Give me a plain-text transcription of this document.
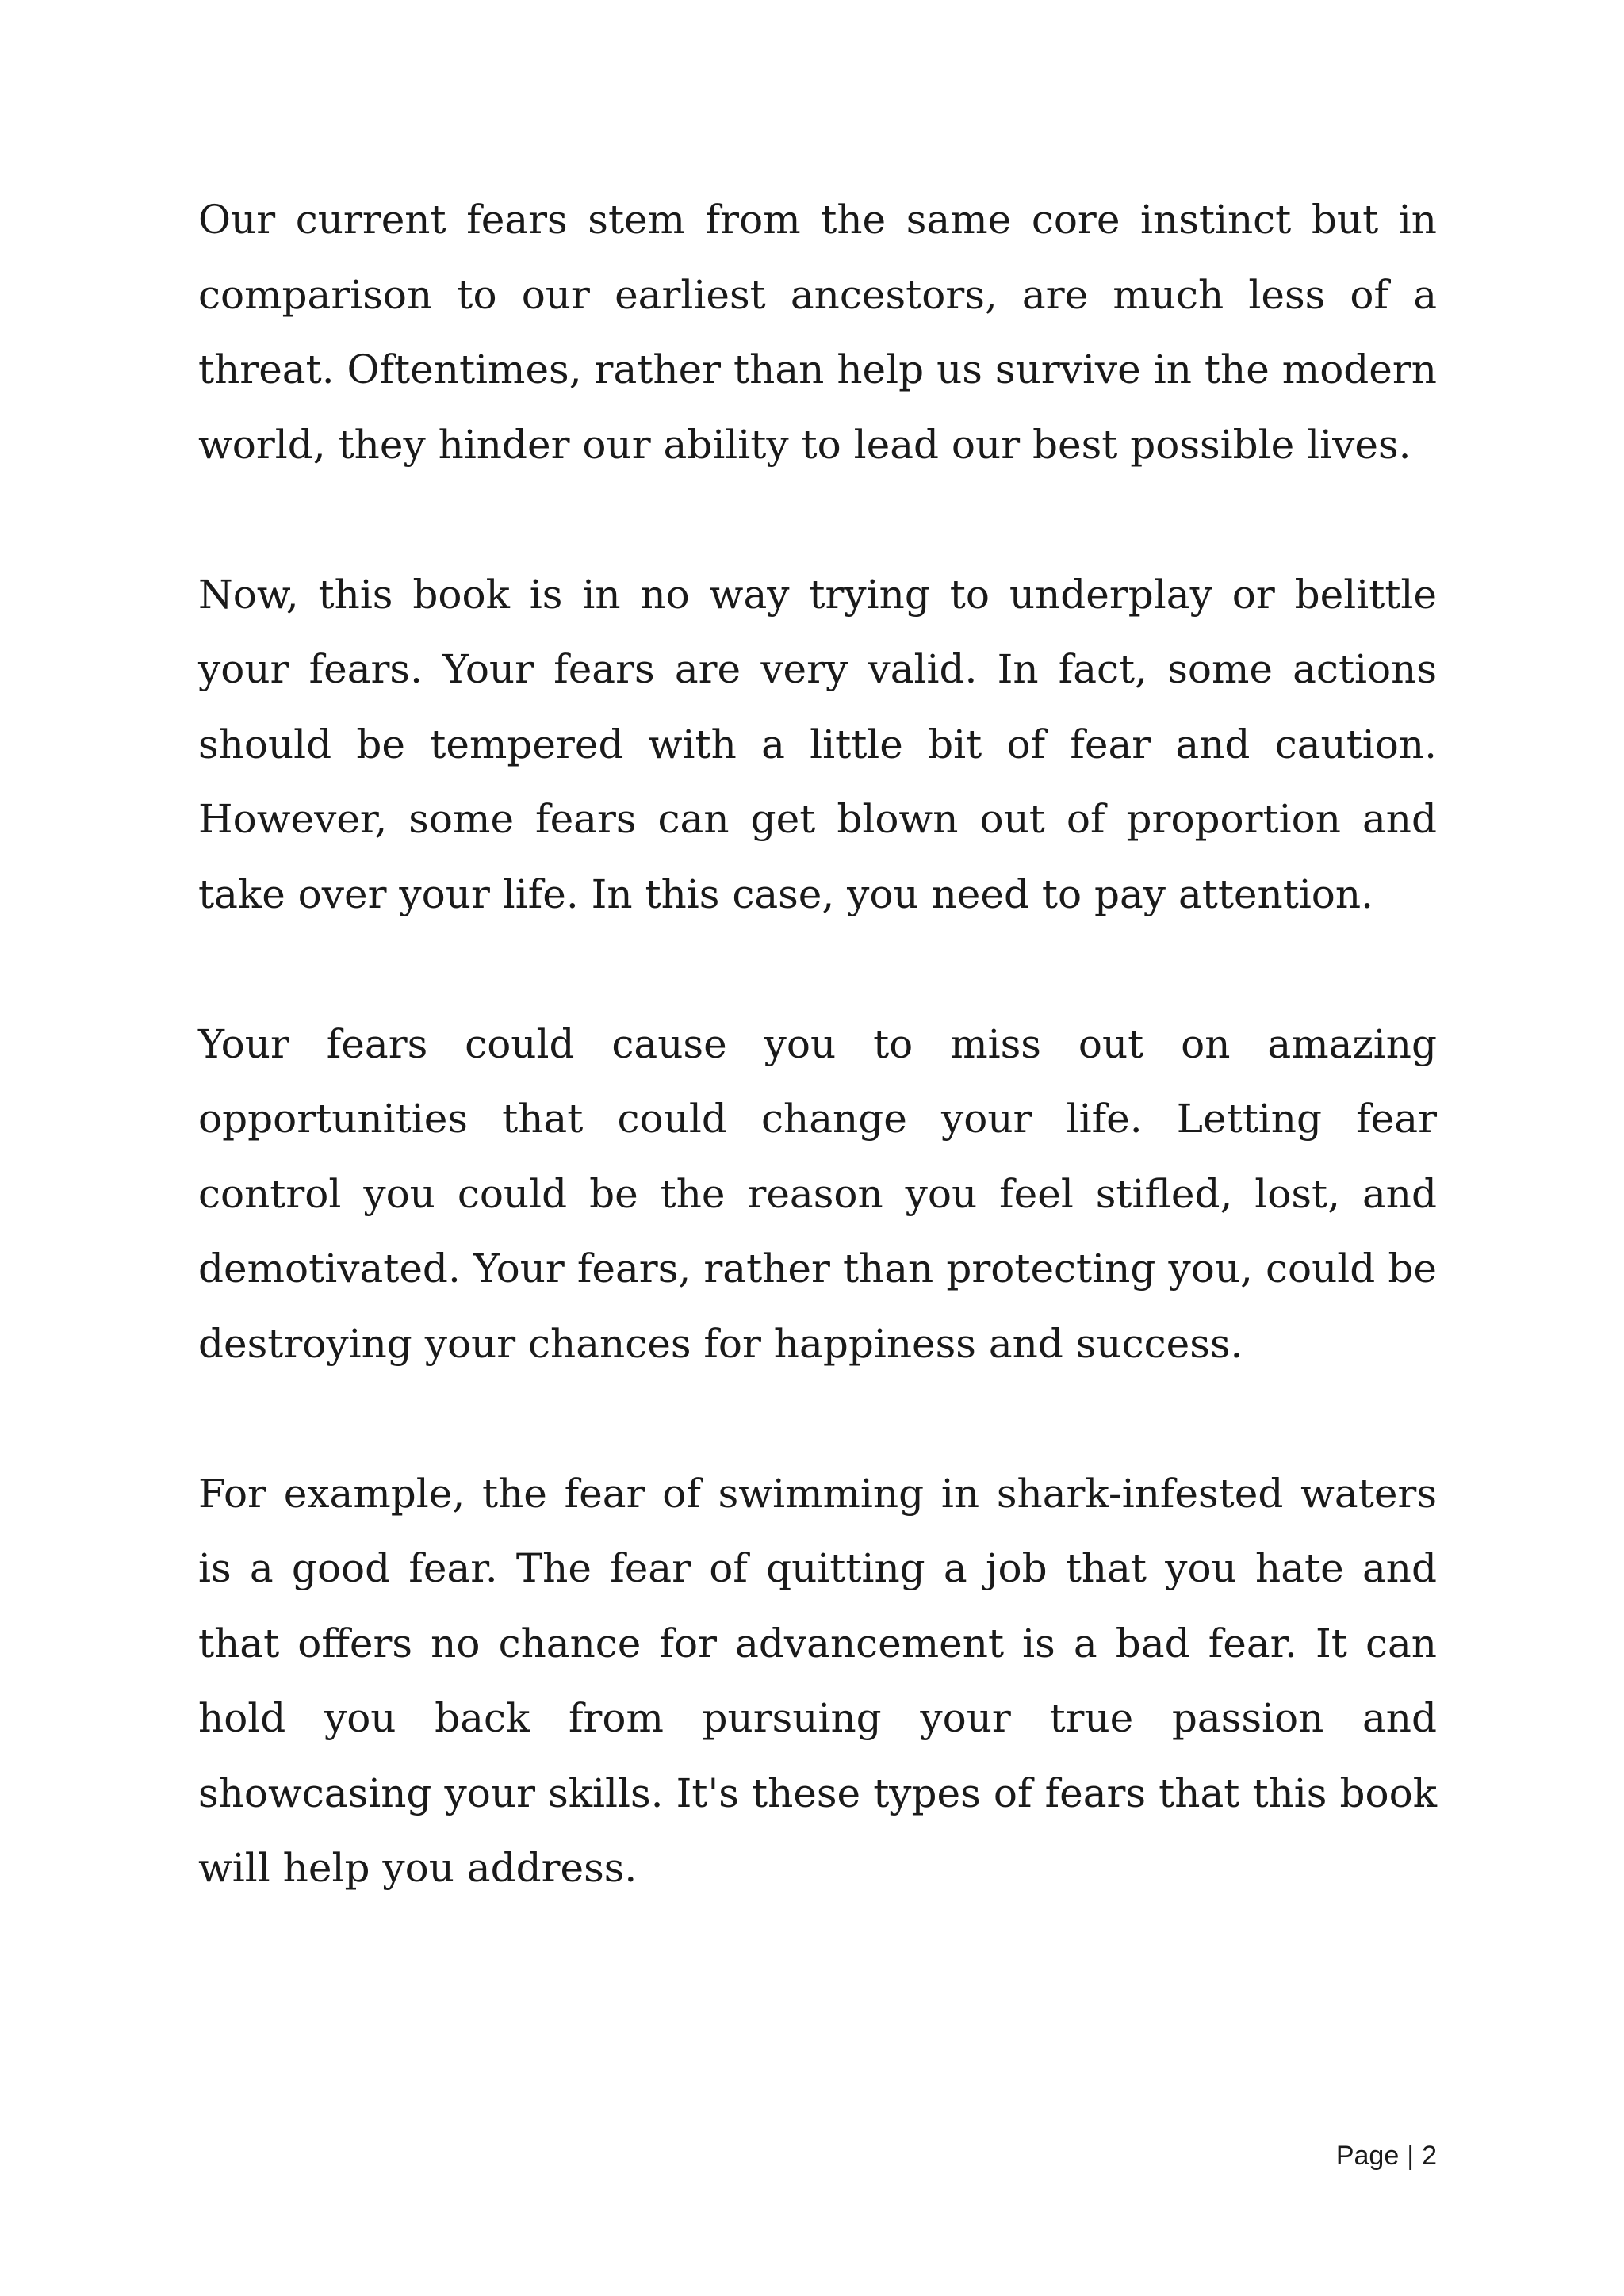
Our current fears stem from the same core instinct but in comparison to our earliest ancestors, are much less of a threat. Oftentimes, rather than help us survive in the modern world, they hinder our ability to lead our best possible lives.

Now, this book is in no way trying to underplay or belittle your fears. Your fears are very valid. In fact, some actions should be tempered with a little bit of fear and caution. However, some fears can get blown out of proportion and take over your life. In this case, you need to pay attention.

Your fears could cause you to miss out on amazing opportunities that could change your life. Letting fear control you could be the reason you feel stifled, lost, and demotivated. Your fears, rather than protecting you, could be destroying your chances for happiness and success.

For example, the fear of swimming in shark-infested waters is a good fear. The fear of quitting a job that you hate and that offers no chance for advancement is a bad fear. It can hold you back from pursuing your true passion and showcasing your skills. It's these types of fears that this book will help you address.

Page | 2
